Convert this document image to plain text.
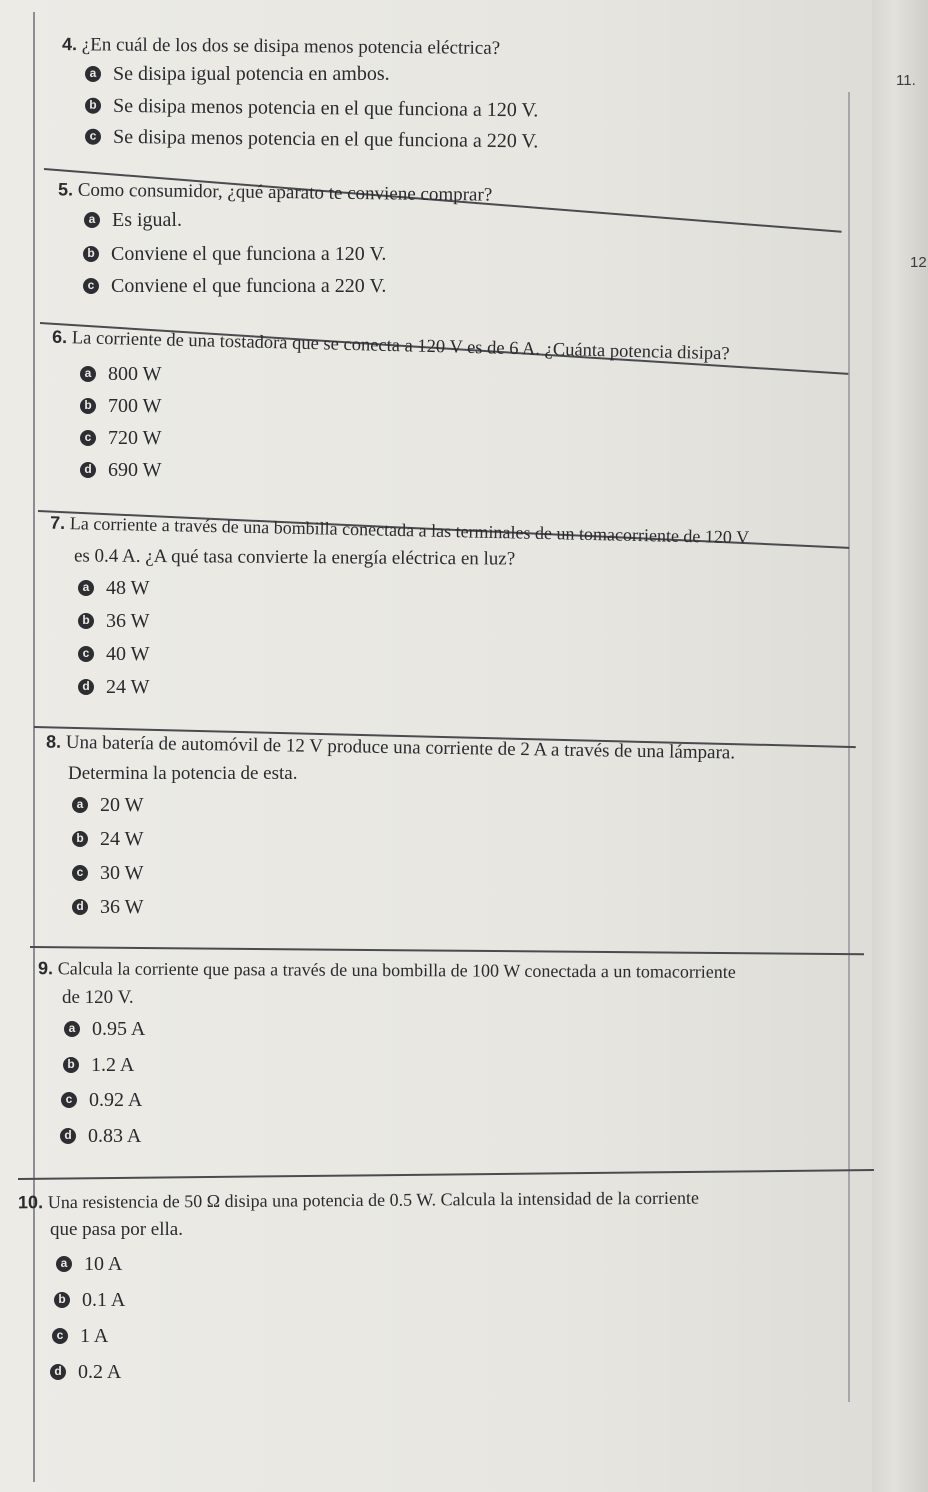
11.
12
4. ¿En cuál de los dos se disipa menos potencia eléctrica?
a Se disipa igual potencia en ambos.
b Se disipa menos potencia en el que funciona a 120 V.
c Se disipa menos potencia en el que funciona a 220 V.
5. Como consumidor, ¿qué aparato te conviene comprar?
a Es igual.
b Conviene el que funciona a 120 V.
c Conviene el que funciona a 220 V.
6. La corriente de una tostadora que se conecta a 120 V es de 6 A. ¿Cuánta potencia disipa?
a 800 W
b 700 W
c 720 W
d 690 W
7. La corriente a través de una bombilla conectada a las terminales de un tomacorriente de 120 V
es 0.4 A. ¿A qué tasa convierte la energía eléctrica en luz?
a 48 W
b 36 W
c 40 W
d 24 W
8. Una batería de automóvil de 12 V produce una corriente de 2 A a través de una lámpara.
Determina la potencia de esta.
a 20 W
b 24 W
c 30 W
d 36 W
9. Calcula la corriente que pasa a través de una bombilla de 100 W conectada a un tomacorriente
de 120 V.
a 0.95 A
b 1.2 A
c 0.92 A
d 0.83 A
10. Una resistencia de 50 Ω disipa una potencia de 0.5 W. Calcula la intensidad de la corriente
que pasa por ella.
a 10 A
b 0.1 A
c 1 A
d 0.2 A
